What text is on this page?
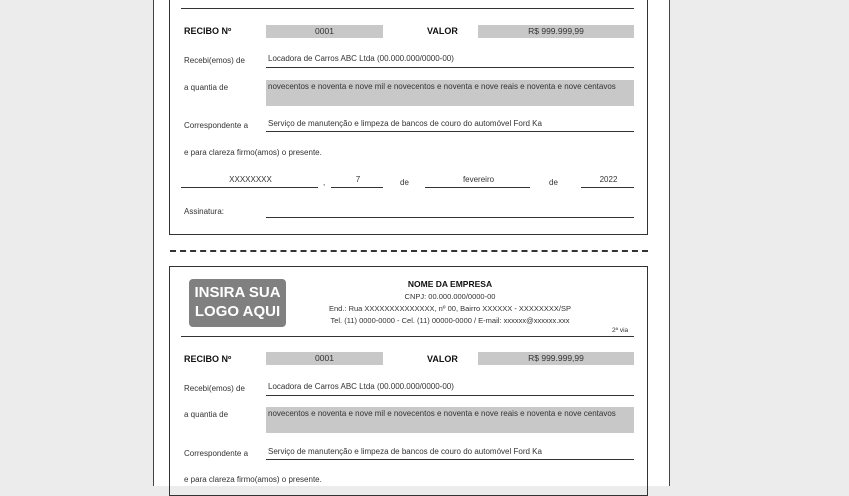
RECIBO Nº	0001	VALOR	R$ 999.999,99
Recebi(emos) de	Locadora de Carros ABC Ltda (00.000.000/0000-00)
a quantia de	novecentos e noventa e nove mil e novecentos e noventa e nove reais e noventa e nove centavos
Correspondente a Serviço de manutenção e limpeza de bancos de couro do automóvel Ford Ka
e para clareza firmo(amos) o presente.
XXXXXXXX	,	7	de	fevereiro	de	2022
Assinatura:
INSIRA SUA
LOGO AQUI
NOME DA EMPRESA
CNPJ: 00.000.000/0000-00
End.: Rua XXXXXXXXXXXXXX, nº 00, Bairro XXXXXX - XXXXXXXX/SP
Tel. (11) 0000-0000 - Cel. (11) 00000-0000 / E-mail: xxxxxx@xxxxxx.xxx
2ª via
RECIBO Nº	0001	VALOR	R$ 999.999,99
Recebi(emos) de	Locadora de Carros ABC Ltda (00.000.000/0000-00)
a quantia de	novecentos e noventa e nove mil e novecentos e noventa e nove reais e noventa e nove centavos
Correspondente a Serviço de manutenção e limpeza de bancos de couro do automóvel Ford Ka
e para clareza firmo(amos) o presente.
